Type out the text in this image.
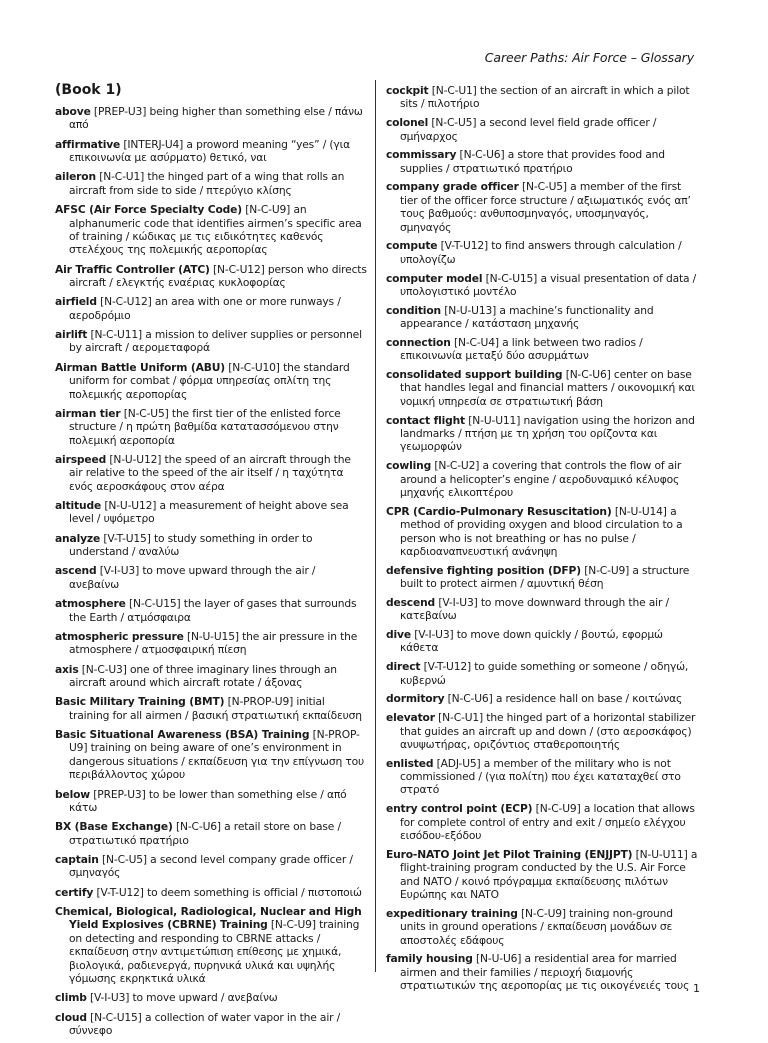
Career Paths: Air Force – Glossary
(Book 1)
above [PREP-U3] being higher than something else / πάνω από
affirmative [INTERJ-U4] a proword meaning “yes” / (για επικοινωνία με ασύρματο) θετικό, ναι
aileron [N-C-U1] the hinged part of a wing that rolls an aircraft from side to side / πτερύγιο κλίσης
AFSC (Air Force Specialty Code) [N-C-U9] an alphanumeric code that identifies airmen’s specific area of training / κώδικας με τις ειδικότητες καθενός στελέχους της πολεμικής αεροπορίας
Air Traffic Controller (ATC) [N-C-U12] person who directs aircraft / ελεγκτής εναέριας κυκλοφορίας
airfield [N-C-U12] an area with one or more runways / αεροδρόμιο
airlift [N-C-U11] a mission to deliver supplies or personnel by aircraft / αερομεταφορά
Airman Battle Uniform (ABU) [N-C-U10] the standard uniform for combat / φόρμα υπηρεσίας οπλίτη της πολεμικής αεροπορίας
airman tier [N-C-U5] the first tier of the enlisted force structure / η πρώτη βαθμίδα κατατασσόμενου στην πολεμική αεροπορία
airspeed [N-U-U12] the speed of an aircraft through the air relative to the speed of the air itself / η ταχύτητα ενός αεροσκάφους στον αέρα
altitude [N-U-U12] a measurement of height above sea level / υψόμετρο
analyze [V-T-U15] to study something in order to understand / αναλύω
ascend [V-I-U3] to move upward through the air / ανεβαίνω
atmosphere [N-C-U15] the layer of gases that surrounds the Earth / ατμόσφαιρα
atmospheric pressure [N-U-U15] the air pressure in the atmosphere / ατμοσφαιρική πίεση
axis [N-C-U3] one of three imaginary lines through an aircraft around which aircraft rotate / άξονας
Basic Military Training (BMT) [N-PROP-U9] initial training for all airmen / βασική στρατιωτική εκπαίδευση
Basic Situational Awareness (BSA) Training [N-PROP-U9] training on being aware of one’s environment in dangerous situations / εκπαίδευση για την επίγνωση του περιβάλλοντος χώρου
below [PREP-U3] to be lower than something else / από κάτω
BX (Base Exchange) [N-C-U6] a retail store on base / στρατιωτικό πρατήριο
captain [N-C-U5] a second level company grade officer / σμηναγός
certify [V-T-U12] to deem something is official / πιστοποιώ
Chemical, Biological, Radiological, Nuclear and High Yield Explosives (CBRNE) Training [N-C-U9] training on detecting and responding to CBRNE attacks / εκπαίδευση στην αντιμετώπιση επίθεσης με χημικά, βιολογικά, ραδιενεργά, πυρηνικά υλικά και υψηλής γόμωσης εκρηκτικά υλικά
climb [V-I-U3] to move upward / ανεβαίνω
cloud [N-C-U15] a collection of water vapor in the air / σύννεφο
cockpit [N-C-U1] the section of an aircraft in which a pilot sits / πιλοτήριο
colonel [N-C-U5] a second level field grade officer / σμήναρχος
commissary [N-C-U6] a store that provides food and supplies / στρατιωτικό πρατήριο
company grade officer [N-C-U5] a member of the first tier of the officer force structure / αξιωματικός ενός απ’ τους βαθμούς: ανθυποσμηναγός, υποσμηναγός, σμηναγός
compute [V-T-U12] to find answers through calculation / υπολογίζω
computer model [N-C-U15] a visual presentation of data / υπολογιστικό μοντέλο
condition [N-U-U13] a machine’s functionality and appearance / κατάσταση μηχανής
connection [N-C-U4] a link between two radios / επικοινωνία μεταξύ δύο ασυρμάτων
consolidated support building [N-C-U6] center on base that handles legal and financial matters / οικονομική και νομική υπηρεσία σε στρατιωτική βάση
contact flight [N-U-U11] navigation using the horizon and landmarks / πτήση με τη χρήση του ορίζοντα και γεωμορφών
cowling [N-C-U2] a covering that controls the flow of air around a helicopter’s engine / αεροδυναμικό κέλυφος μηχανής ελικοπτέρου
CPR (Cardio-Pulmonary Resuscitation) [N-U-U14] a method of providing oxygen and blood circulation to a person who is not breathing or has no pulse / καρδιοαναπνευστική ανάνηψη
defensive fighting position (DFP) [N-C-U9] a structure built to protect airmen / αμυντική θέση
descend [V-I-U3] to move downward through the air / κατεβαίνω
dive [V-I-U3] to move down quickly / βουτώ, εφορμώ κάθετα
direct [V-T-U12] to guide something or someone / οδηγώ, κυβερνώ
dormitory [N-C-U6] a residence hall on base / κοιτώνας
elevator [N-C-U1] the hinged part of a horizontal stabilizer that guides an aircraft up and down / (στο αεροσκάφος) ανυψωτήρας, οριζόντιος σταθεροποιητής
enlisted [ADJ-U5] a member of the military who is not commissioned / (για πολίτη) που έχει καταταχθεί στο στρατό
entry control point (ECP) [N-C-U9] a location that allows for complete control of entry and exit / σημείο ελέγχου εισόδου-εξόδου
Euro-NATO Joint Jet Pilot Training (ENJJPT) [N-U-U11] a flight-training program conducted by the U.S. Air Force and NATO / κοινό πρόγραμμα εκπαίδευσης πιλότων Ευρώπης και NATO
expeditionary training [N-C-U9] training non-ground units in ground operations / εκπαίδευση μονάδων σε αποστολές εδάφους
family housing [N-U-U6] a residential area for married airmen and their families / περιοχή διαμονής στρατιωτικών της αεροπορίας με τις οικογένειές τους 1
